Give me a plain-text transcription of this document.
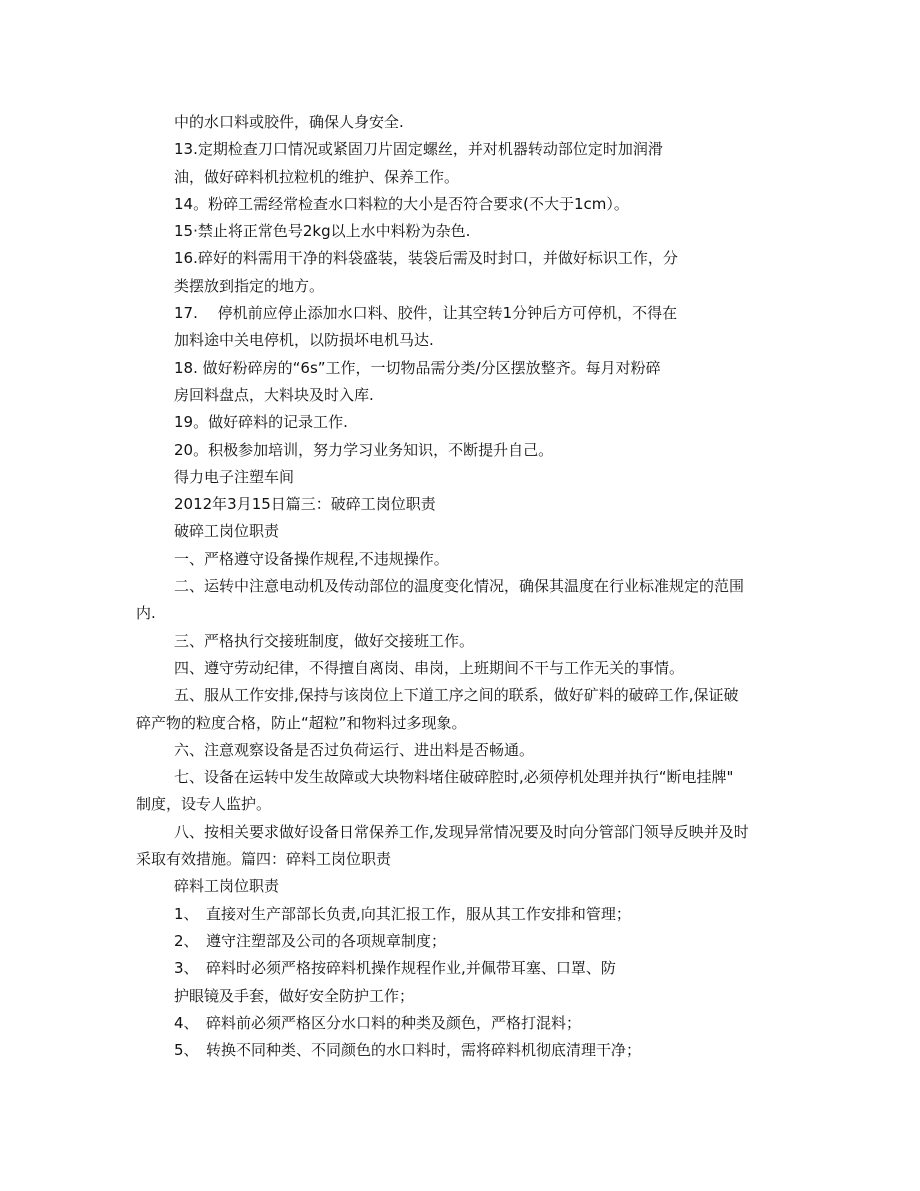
中的水口料或胶件，确保人身安全.
13.定期检查刀口情况或紧固刀片固定螺丝，并对机器转动部位定时加润滑
油，做好碎料机拉粒机的维护、保养工作。
14。粉碎工需经常检查水口料粒的大小是否符合要求(不大于1cm）。
15·禁止将正常色号2kg以上水中料粉为杂色.
16.碎好的料需用干净的料袋盛装，装袋后需及时封口，并做好标识工作，分
类摆放到指定的地方。
17.　 停机前应停止添加水口料、胶件，让其空转1分钟后方可停机，不得在
加料途中关电停机，以防损坏电机马达.
18. 做好粉碎房的“6s”工作，一切物品需分类/分区摆放整齐。每月对粉碎
房回料盘点，大料块及时入库.
19。做好碎料的记录工作.
20。积极参加培训，努力学习业务知识，不断提升自己。
得力电子注塑车间
2012年3月15日篇三：破碎工岗位职责
破碎工岗位职责
一、严格遵守设备操作规程,不违规操作。
二、运转中注意电动机及传动部位的温度变化情况，确保其温度在行业标准规定的范围
内.
三、严格执行交接班制度，做好交接班工作。
四、遵守劳动纪律，不得擅自离岗、串岗，上班期间不干与工作无关的事情。
五、服从工作安排,保持与该岗位上下道工序之间的联系，做好矿料的破碎工作,保证破
碎产物的粒度合格，防止“超粒”和物料过多现象。
六、注意观察设备是否过负荷运行、进出料是否畅通。
七、设备在运转中发生故障或大块物料堵住破碎腔时,必须停机处理并执行“断电挂牌"
制度，设专人监护。
八、按相关要求做好设备日常保养工作,发现异常情况要及时向分管部门领导反映并及时
采取有效措施。篇四：碎料工岗位职责
碎料工岗位职责
1、　直接对生产部部长负责,向其汇报工作，服从其工作安排和管理；
2、　遵守注塑部及公司的各项规章制度；
3、　碎料时必须严格按碎料机操作规程作业,并佩带耳塞、口罩、防
护眼镜及手套，做好安全防护工作；
4、　碎料前必须严格区分水口料的种类及颜色，严格打混料；
5、　转换不同种类、不同颜色的水口料时，需将碎料机彻底清理干净；
